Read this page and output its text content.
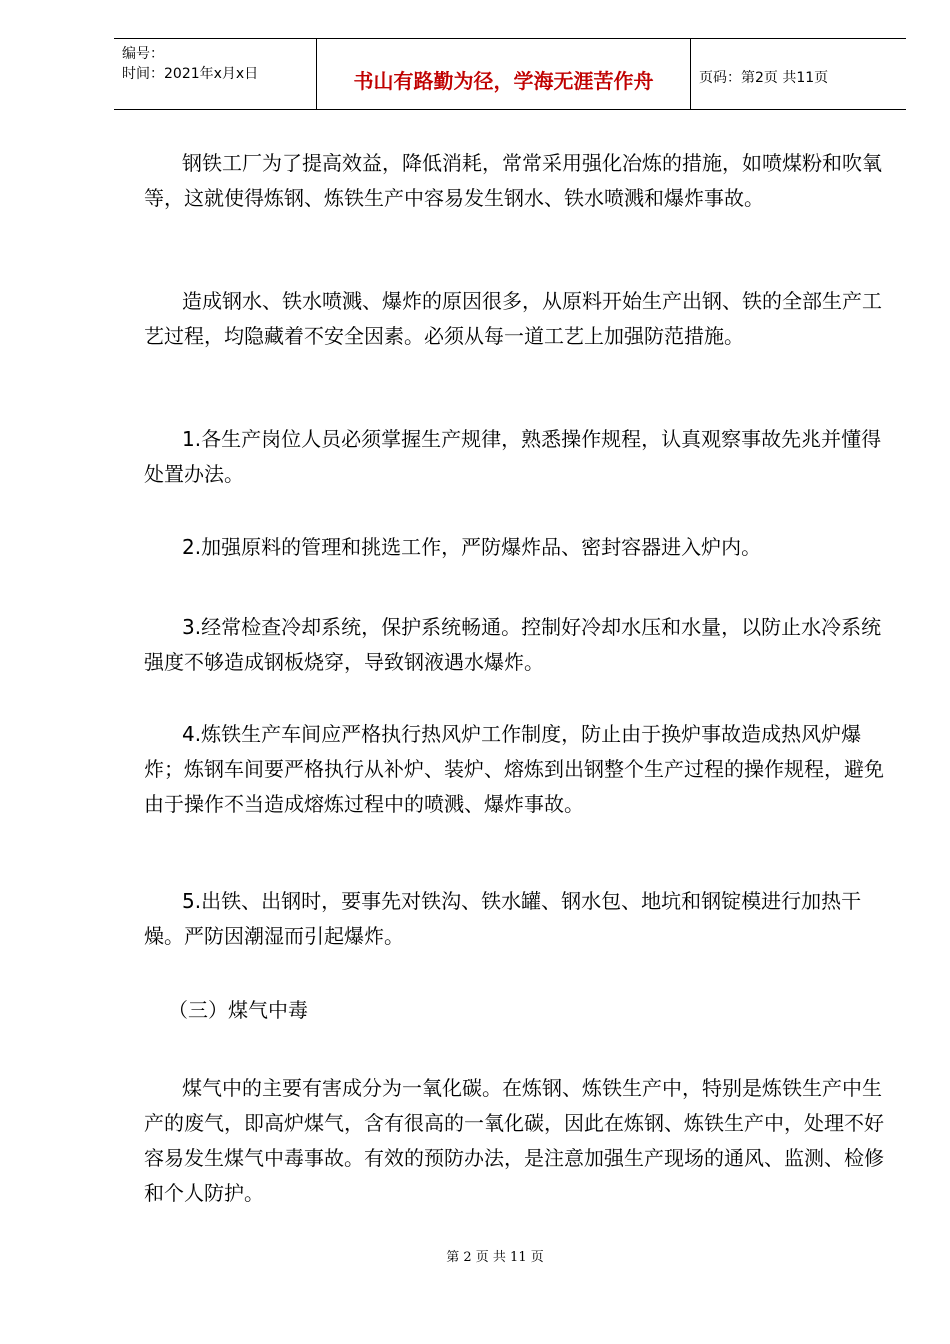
编号：
时间：2021年x月x日	书山有路勤为径，学海无涯苦作舟	页码：第2页 共11页
钢铁工厂为了提高效益，降低消耗，常常采用强化冶炼的措施，如喷煤粉和吹氧等，这就使得炼钢、炼铁生产中容易发生钢水、铁水喷溅和爆炸事故。
造成钢水、铁水喷溅、爆炸的原因很多，从原料开始生产出钢、铁的全部生产工艺过程，均隐藏着不安全因素。必须从每一道工艺上加强防范措施。
1.各生产岗位人员必须掌握生产规律，熟悉操作规程，认真观察事故先兆并懂得处置办法。
2.加强原料的管理和挑选工作，严防爆炸品、密封容器进入炉内。
3.经常检查冷却系统，保护系统畅通。控制好冷却水压和水量，以防止水冷系统强度不够造成钢板烧穿，导致钢液遇水爆炸。
4.炼铁生产车间应严格执行热风炉工作制度，防止由于换炉事故造成热风炉爆炸；炼钢车间要严格执行从补炉、装炉、熔炼到出钢整个生产过程的操作规程，避免由于操作不当造成熔炼过程中的喷溅、爆炸事故。
5.出铁、出钢时，要事先对铁沟、铁水罐、钢水包、地坑和钢锭模进行加热干燥。严防因潮湿而引起爆炸。
（三）煤气中毒
煤气中的主要有害成分为一氧化碳。在炼钢、炼铁生产中，特别是炼铁生产中生产的废气，即高炉煤气，含有很高的一氧化碳，因此在炼钢、炼铁生产中，处理不好容易发生煤气中毒事故。有效的预防办法，是注意加强生产现场的通风、监测、检修和个人防护。
第 2 页 共 11 页
